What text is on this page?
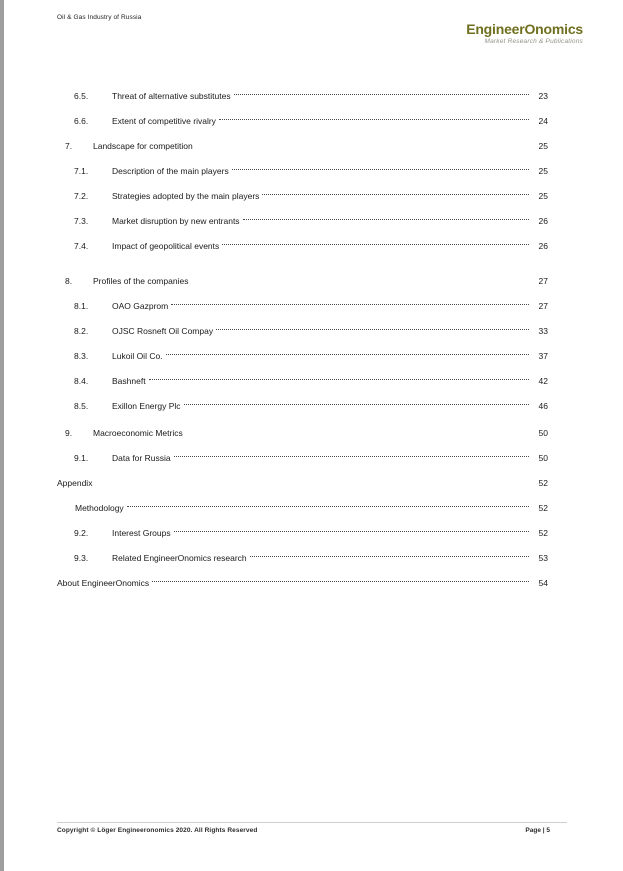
Oil & Gas Industry of Russia
EngineerOnomics
Market Research & Publications
6.5.	Threat of alternative substitutes	23
6.6.	Extent of competitive rivalry	24
7.	Landscape for competition	25
7.1.	Description of the main players	25
7.2.	Strategies adopted by the main players	25
7.3.	Market disruption by new entrants	26
7.4.	Impact of geopolitical events	26
8.	Profiles of the companies	27
8.1.	OAO Gazprom	27
8.2.	OJSC Rosneft Oil Compay	33
8.3.	Lukoil Oil Co.	37
8.4.	Bashneft	42
8.5.	Exillon Energy Plc	46
9.	Macroeconomic Metrics	50
9.1.	Data for Russia	50
Appendix	52
Methodology	52
9.2.	Interest Groups	52
9.3.	Related EngineerOnomics research	53
About EngineerOnomics	54
Copyright © Löger Engineeronomics 2020. All Rights Reserved	Page | 5
